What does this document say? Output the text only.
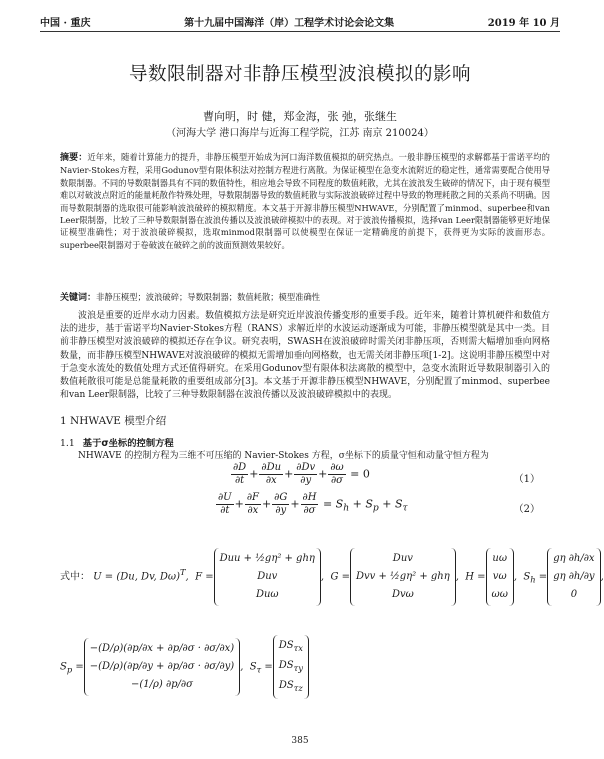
中国 · 重庆	第十九届中国海洋（岸）工程学术讨论会论文集	2019 年 10 月
导数限制器对非静压模型波浪模拟的影响
曹向明，时 健，郑金海，张 弛，张继生
（河海大学 港口海岸与近海工程学院，江苏 南京 210024）
摘要：近年来，随着计算能力的提升，非静压模型开始成为河口海洋数值模拟的研究热点。一般非静压模型的求解都基于雷诺平均的Navier-Stokes方程，采用Godunov型有限体积法对控制方程进行离散。为保证模型在急变水流附近的稳定性，通常需要配合使用导数限制器。不同的导数限制器具有不同的数值特性，相应地会导致不同程度的数值耗散，尤其在波浪发生破碎的情况下，由于现有模型难以对破波点附近的能量耗散作特殊处理，导数限制器导致的数值耗散与实际波浪破碎过程中导致的物理耗散之间的关系尚不明确。因而导数限制器的选取很可能影响波浪破碎的模拟精度。本文基于开源非静压模型NHWAVE，分别配置了minmod、superbee和van Leer限制器，比较了三种导数限制器在波浪传播以及波浪破碎模拟中的表现。对于波浪传播模拟，选择van Leer限制器能够更好地保证模型准确性；对于波浪破碎模拟，选取minmod限制器可以使模型在保证一定精确度的前提下，获得更为实际的波面形态。superbee限制器对于卷破波在破碎之前的波面预测效果较好。
关键词：非静压模型；波浪破碎；导数限制器；数值耗散；模型准确性
波浪是重要的近岸水动力因素。数值模拟方法是研究近岸波浪传播变形的重要手段。近年来，随着计算机硬件和数值方法的进步，基于雷诺平均Navier-Stokes方程（RANS）求解近岸的水波运动逐渐成为可能，非静压模型就是其中一类。目前非静压模型对波浪破碎的模拟还存在争议。研究表明，SWASH在波浪破碎时需关闭非静压项，否则需大幅增加垂向网格数量，而非静压模型NHWAVE对波浪破碎的模拟无需增加垂向网格数，也无需关闭非静压项[1-2]。这说明非静压模型中对于急变水流处的数值处理方式还值得研究。在采用Godunov型有限体积法离散的模型中，急变水流附近导数限制器引入的数值耗散很可能是总能量耗散的重要组成部分[3]。本文基于开源非静压模型NHWAVE，分别配置了minmod、superbee和van Leer限制器，比较了三种导数限制器在波浪传播以及波浪破碎模拟中的表现。
1 NHWAVE 模型介绍
1.1 基于σ坐标的控制方程
NHWAVE 的控制方程为三维不可压缩的 Navier-Stokes 方程，σ坐标下的质量守恒和动量守恒方程为
$\frac{\partial D}{\partial t} + \frac{\partial Du}{\partial x} + \frac{\partial Dv}{\partial y} + \frac{\partial\omega}{\partial\sigma} = 0$	（1）
$\frac{\partial U}{\partial t} + \frac{\partial F}{\partial x} + \frac{\partial G}{\partial y} + \frac{\partial H}{\partial\sigma} = S_h + S_p + S_\tau$	（2）
式中： U = (Du, Dv, Dω)$^T$,  F =Duu + ½gη² + ghη
Duv
Duω,  G =Duv
Dvv + ½gη² + ghη
Dvω,  H =uω
vω
ωω,  $S_h =g\eta$ ∂h/∂x
gη ∂h/∂y
0,
$S_p =-(D/\rho)(\partial p/\partial x + \partial p/\partial\sigma \cdot \partial\sigma/\partial x)$
−(D/ρ)(∂p/∂y + ∂p/∂σ · ∂σ/∂y)
−(1/ρ) ∂p/∂σ,  $S_\tau =DS_{\tau x}$
$DS_{\tau y}$
$DS_{\tau z}$
385
